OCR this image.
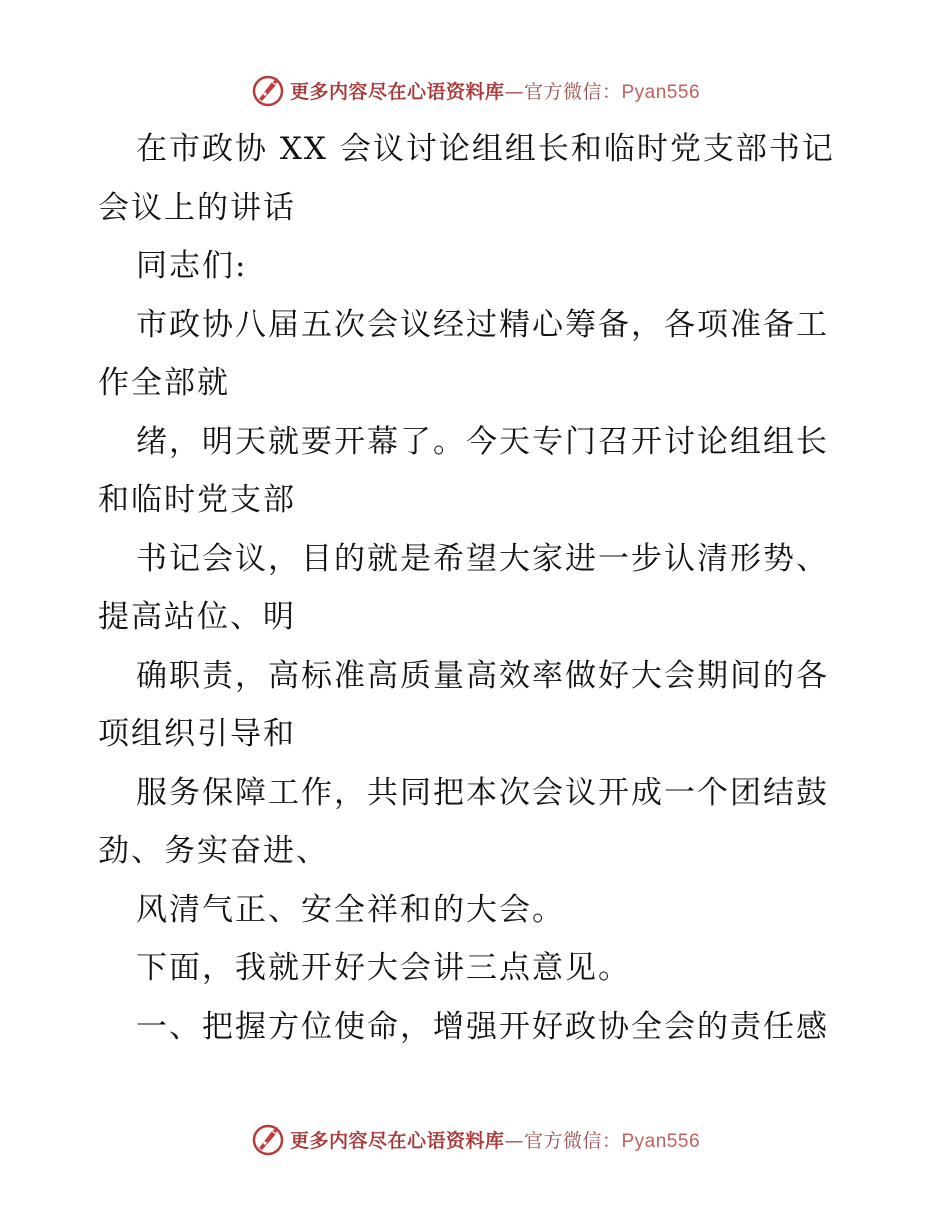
更多内容尽在心语资料库—官方微信：Pyan556
在市政协 XX 会议讨论组组长和临时党支部书记
会议上的讲话
同志们:
市政协八届五次会议经过精心筹备，各项准备工
作全部就
绪，明天就要开幕了。今天专门召开讨论组组长
和临时党支部
书记会议，目的就是希望大家进一步认清形势、
提高站位、明
确职责，高标准高质量高效率做好大会期间的各
项组织引导和
服务保障工作，共同把本次会议开成一个团结鼓
劲、务实奋进、
风清气正、安全祥和的大会。
下面，我就开好大会讲三点意见。
一、把握方位使命，增强开好政协全会的责任感
更多内容尽在心语资料库—官方微信：Pyan556
